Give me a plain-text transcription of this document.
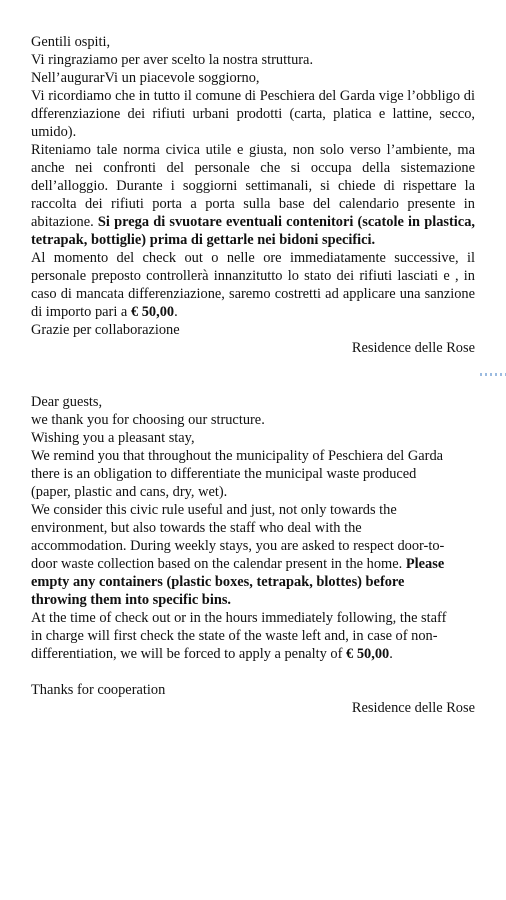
Gentili ospiti,

Vi ringraziamo per aver scelto la nostra struttura.

Nell’augurarVi un piacevole soggiorno,

Vi ricordiamo che in tutto il comune di Peschiera del Garda vige l’obbligo di dfferenziazione dei rifiuti urbani prodotti (carta, platica e lattine, secco, umido).

Riteniamo tale norma civica utile e giusta, non solo verso l’ambiente, ma anche nei confronti del personale che si occupa della sistemazione dell’alloggio. Durante i soggiorni settimanali, si chiede di rispettare la raccolta dei rifiuti porta a porta sulla base del calendario presente in abitazione. Si prega di svuotare eventuali contenitori (scatole in plastica, tetrapak, bottiglie) prima di gettarle nei bidoni specifici.

Al momento del check out o nelle ore immediatamente successive, il personale preposto controllerà innanzitutto lo stato dei rifiuti lasciati e , in caso di mancata differenziazione, saremo costretti ad applicare una sanzione di importo pari a € 50,00.

Grazie per collaborazione

Residence delle Rose

Dear guests,

we thank you for choosing our structure.

Wishing you a pleasant stay,

We remind you that throughout the municipality of Peschiera del Garda

there is an obligation to differentiate the municipal waste produced

(paper, plastic and cans, dry, wet).

We consider this civic rule useful and just, not only towards the

environment, but also towards the staff who deal with the

accommodation. During weekly stays, you are asked to respect door-to-

door waste collection based on the calendar present in the home. Please

empty any containers (plastic boxes, tetrapak, blottes) before

throwing them into specific bins.

At the time of check out or in the hours immediately following, the staff

in charge will first check the state of the waste left and, in case of non-

differentiation, we will be forced to apply a penalty of € 50,00.

Thanks for cooperation

Residence delle Rose
